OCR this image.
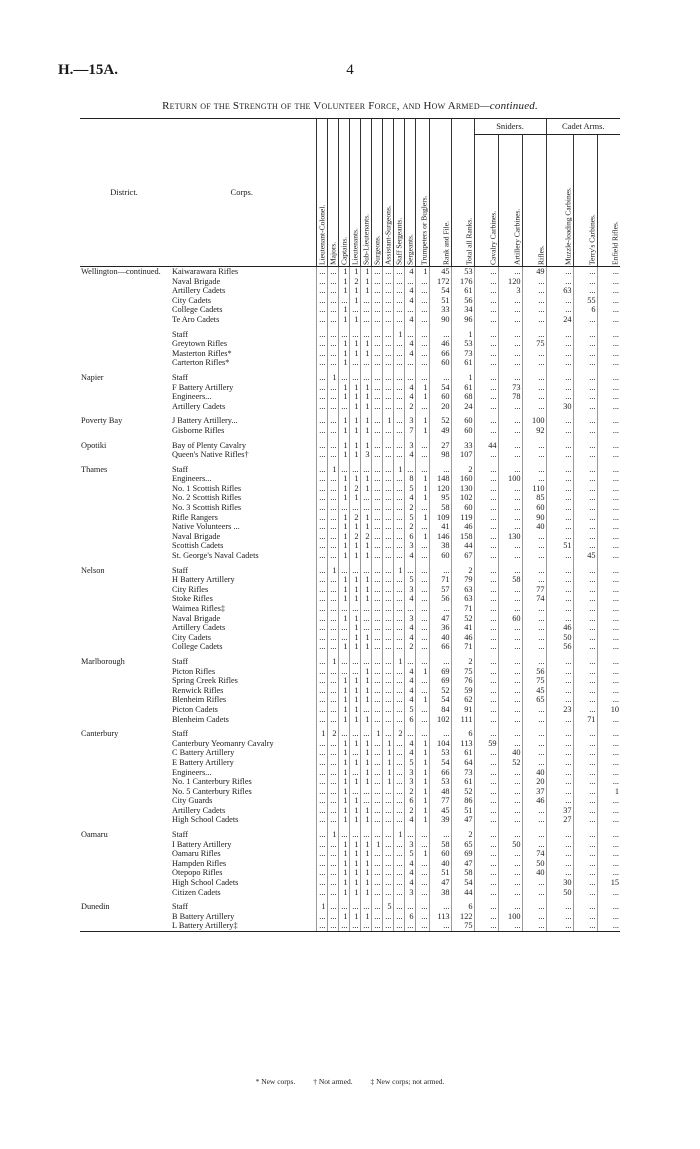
H.—15A.	4
Return of the Strength of the Volunteer Force, and How Armed—continued.
District.	Corps.	Lieutenant-Colonel.	Majors.	Captains.	Lieutenants.	Sub-Lieutenants.	Surgeons.	Assistant-Surgeons.	Staff Sergeants.	Sergeants.	Trumpeters or Buglers.	Rank and File.	Total all Ranks.	Sniders.			Cadet Arms.		
														Cavalry Carbines.	Artillery Carbines.	Rifles.	Muzzle-loading Carbines.	Terry's Carbines.	Enfield Rifles.
Wellington—continued.	Kaiwarawara Rifles	...	...	1	1	1	...	...	...	4	1	45	53	...	...	49	...	...	...
	Naval Brigade	...	...	1	2	1	...	...	...	...	...	172	176	...	120	...	...	...	...
	Artillery Cadets	...	...	1	1	1	...	...	...	4	...	54	61	...	3	...	63	...	...
	City Cadets	...	...	...	1	...	...	...	...	4	...	51	56	...	...	...	...	55	...
	College Cadets	...	...	1	...	...	...	...	...	...	...	33	34	...	...	...	...	6	...
	Te Aro Cadets	...	...	1	1	...	...	...	...	4	...	90	96	...	...	...	24	...	...

	Staff	...	...	...	...	...	...	...	1	...	...	...	1	...	...	...	...	...	...
	Greytown Rifles	...	...	1	1	1	...	...	...	4	...	46	53	...	...	75	...	...	...
	Masterton Rifles*	...	...	1	1	1	...	...	...	4	...	66	73	...	...	...	...	...	...
	Carterton Rifles*	...	...	1	...	...	...	...	...	...	...	60	61	...	...	...	...	...	...

Napier	Staff	...	1	...	...	...	...	...	...	...	...	...	1	...	...	...	...	...	...
	F Battery Artillery	...	...	1	1	1	...	...	...	4	1	54	61	...	73	...	...	...	...
	Engineers...	...	...	1	1	1	...	...	...	4	1	60	68	...	78	...	...	...	...
	Artillery Cadets	...	...	...	1	1	...	...	...	2	...	20	24	...	...	...	30	...	...

Poverty Bay	J Battery Artillery...	...	...	1	1	1	...	1	...	3	1	52	60	...	...	100	...	...	...
	Gisborne Rifles	...	...	1	1	1	...	...	...	7	1	49	60	...	...	92	...	...	...

Opotiki	Bay of Plenty Cavalry	...	...	1	1	1	...	...	...	3	...	27	33	44	...	...	...	...	...
	Queen's Native Rifles†	...	...	1	1	3	...	...	...	4	...	98	107	...	...	...	...	...	...

Thames	Staff	...	1	...	...	...	...	...	1	...	...	...	2	...	...	...	...	...	...
	Engineers...	...	...	1	1	1	...	...	...	8	1	148	160	...	100	...	...	...	...
	No. 1 Scottish Rifles	...	...	1	2	1	...	...	...	5	1	120	130	...	...	110	...	...	...
	No. 2 Scottish Rifles	...	...	1	1	...	...	...	...	4	1	95	102	...	...	85	...	...	...
	No. 3 Scottish Rifles	...	...	...	...	...	...	...	...	2	...	58	60	...	...	60	...	...	...
	Rifle Rangers	...	...	1	2	1	...	...	...	5	1	109	119	...	...	90	...	...	...
	Native Volunteers ...	...	...	1	1	1	...	...	...	2	...	41	46	...	...	40	...	...	...
	Naval Brigade	...	...	1	2	2	...	...	...	6	1	146	158	...	130	...	...	...	...
	Scottish Cadets	...	...	1	1	1	...	...	...	3	...	38	44	...	...	...	51	...	...
	St. George's Naval Cadets	...	...	1	1	1	...	...	...	4	...	60	67	...	...	...	...	45	...

Nelson	Staff	...	1	...	...	...	...	...	1	...	...	...	2	...	...	...	...	...	...
	H Battery Artillery	...	...	1	1	1	...	...	...	5	...	71	79	...	58	...	...	...	...
	City Rifles	...	...	1	1	1	...	...	...	3	...	57	63	...	...	77	...	...	...
	Stoke Rifles	...	...	1	1	1	...	...	...	4	...	56	63	...	...	74	...	...	...
	Waimea Rifles‡	...	...	...	...	...	...	...	...	...	...	...	71	...	...	...	...	...	...
	Naval Brigade	...	...	1	1	...	...	...	...	3	...	47	52	...	60	...	...	...	...
	Artillery Cadets	...	...	...	1	...	...	...	...	4	...	36	41	...	...	...	46	...	...
	City Cadets	...	...	...	1	1	...	...	...	4	...	40	46	...	...	...	50	...	...
	College Cadets	...	...	1	1	1	...	...	...	2	...	66	71	...	...	...	56	...	...

Marlborough	Staff	...	1	...	...	...	...	...	1	...	...	...	2	...	...	...	...	...	...
	Picton Rifles	...	...	...	...	1	...	...	...	4	1	69	75	...	...	56	...	...	...
	Spring Creek Rifles	...	...	1	1	1	...	...	...	4	...	69	76	...	...	75	...	...	...
	Renwick Rifles	...	...	1	1	1	...	...	...	4	...	52	59	...	...	45	...	...	...
	Blenheim Rifles	...	...	1	1	1	...	...	...	4	1	54	62	...	...	65	...	...	...
	Picton Cadets	...	...	1	1	...	...	...	...	5	...	84	91	...	...	...	23	...	10
	Blenheim Cadets	...	...	1	1	1	...	...	...	6	...	102	111	...	...	...	...	71	...

Canterbury	Staff	1	2	...	...	...	1	...	2	...	...	...	6	...	...	...	...	...	...
	Canterbury Yeomanry Cavalry	...	...	1	1	1	...	1	...	4	1	104	113	59	...	...	...	...	...
	C Battery Artillery	...	...	1	...	1	...	1	...	4	1	53	61	...	40	...	...	...	...
	E Battery Artillery	...	...	1	1	1	...	1	...	5	1	54	64	...	52	...	...	...	...
	Engineers...	...	...	1	...	1	...	1	...	3	1	66	73	...	...	40	...	...	...
	No. 1 Canterbury Rifles	...	...	1	1	1	...	1	...	3	1	53	61	...	...	20	...	...	...
	No. 5 Canterbury Rifles	...	...	1	...	...	...	...	...	2	1	48	52	...	...	37	...	...	1
	City Guards	...	...	1	1	...	...	...	...	6	1	77	86	...	...	46	...	...	...
	Artillery Cadets	...	...	1	1	1	...	...	...	2	1	45	51	...	...	...	37	...	...
	High School Cadets	...	...	1	1	1	...	...	...	4	1	39	47	...	...	...	27	...	...

Oamaru	Staff	...	1	...	...	...	...	...	1	...	...	...	2	...	...	...	...	...	...
	I Battery Artillery	...	...	1	1	1	1	...	...	3	...	58	65	...	50	...	...	...	...
	Oamaru Rifles	...	...	1	1	1	...	...	...	5	1	60	69	...	...	74	...	...	...
	Hampden Rifles	...	...	1	1	1	...	...	...	4	...	40	47	...	...	50	...	...	...
	Otepopo Rifles	...	...	1	1	1	...	...	...	4	...	51	58	...	...	40	...	...	...
	High School Cadets	...	...	1	1	1	...	...	...	4	...	47	54	...	...	...	30	...	15
	Citizen Cadets	...	...	1	1	1	...	...	...	3	...	38	44	...	...	...	50	...	...

Dunedin	Staff	1	...	...	...	...	...	5	...	...	...	...	6	...	...	...	...	...	...
	B Battery Artillery	...	...	1	1	1	...	...	...	6	...	113	122	...	100	...	...	...	...
	L Battery Artillery‡	...	...	...	...	...	...	...	...	...	...	...	75	...	...	...	...	...	...
* New corps. † Not armed. ‡ New corps; not armed.
